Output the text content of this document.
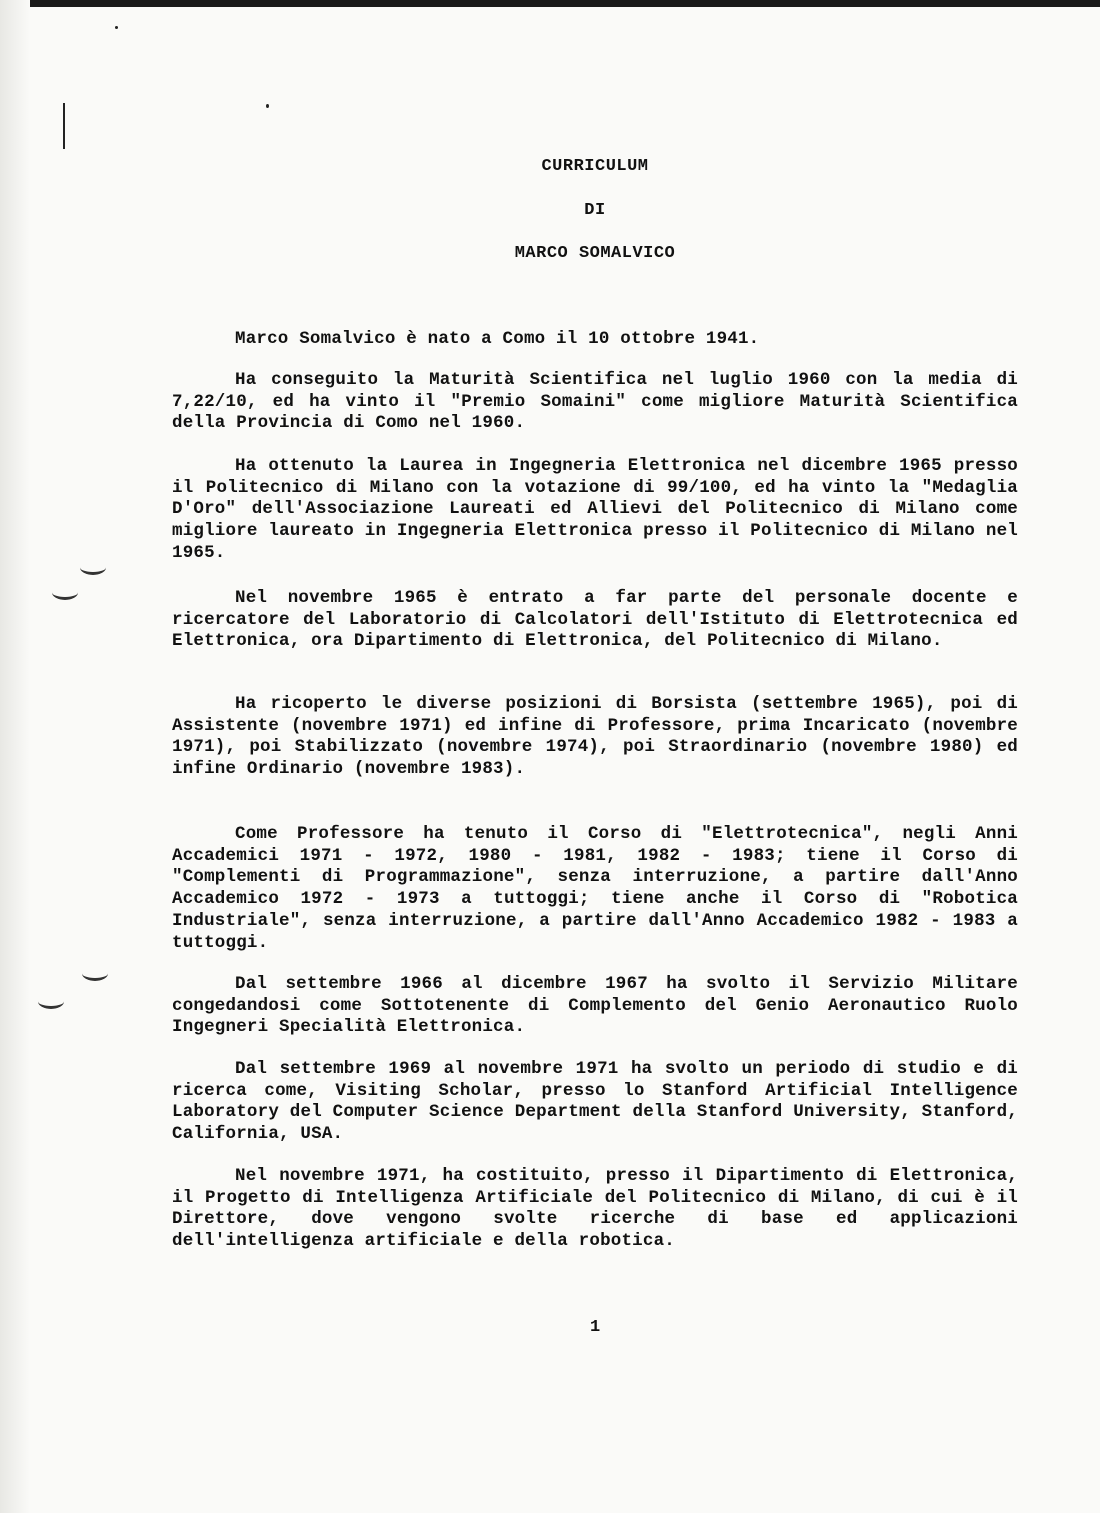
CURRICULUM

DI

MARCO SOMALVICO

Marco Somalvico è nato a Como il 10 ottobre 1941.

Ha conseguito la Maturità Scientifica nel luglio 1960 con la media di 7,22/10, ed ha vinto il "Premio Somaini" come migliore Maturità Scientifica della Provincia di Como nel 1960.

Ha ottenuto la Laurea in Ingegneria Elettronica nel dicembre 1965 presso il Politecnico di Milano con la votazione di 99/100, ed ha vinto la "Medaglia D'Oro" dell'Associazione Laureati ed Allievi del Politecnico di Milano come migliore laureato in Ingegneria Elettronica presso il Politecnico di Milano nel 1965.

Nel novembre 1965 è entrato a far parte del personale docente e ricercatore del Laboratorio di Calcolatori dell'Istituto di Elettrotecnica ed Elettronica, ora Dipartimento di Elettronica, del Politecnico di Milano.

Ha ricoperto le diverse posizioni di Borsista (settembre 1965), poi di Assistente (novembre 1971) ed infine di Professore, prima Incaricato (novembre 1971), poi Stabilizzato (novembre 1974), poi Straordinario (novembre 1980) ed infine Ordinario (novembre 1983).

Come Professore ha tenuto il Corso di "Elettrotecnica", negli Anni Accademici 1971 - 1972, 1980 - 1981, 1982 - 1983; tiene il Corso di "Complementi di Programmazione", senza interruzione, a partire dall'Anno Accademico 1972 - 1973 a tuttoggi; tiene anche il Corso di "Robotica Industriale", senza interruzione, a partire dall'Anno Accademico 1982 - 1983 a tuttoggi.

Dal settembre 1966 al dicembre 1967 ha svolto il Servizio Militare congedandosi come Sottotenente di Complemento del Genio Aeronautico Ruolo Ingegneri Specialità Elettronica.

Dal settembre 1969 al novembre 1971 ha svolto un periodo di studio e di ricerca come, Visiting Scholar, presso lo Stanford Artificial Intelligence Laboratory del Computer Science Department della Stanford University, Stanford, California, USA.

Nel novembre 1971, ha costituito, presso il Dipartimento di Elettronica, il Progetto di Intelligenza Artificiale del Politecnico di Milano, di cui è il Direttore, dove vengono svolte ricerche di base ed applicazioni dell'intelligenza artificiale e della robotica.

1
